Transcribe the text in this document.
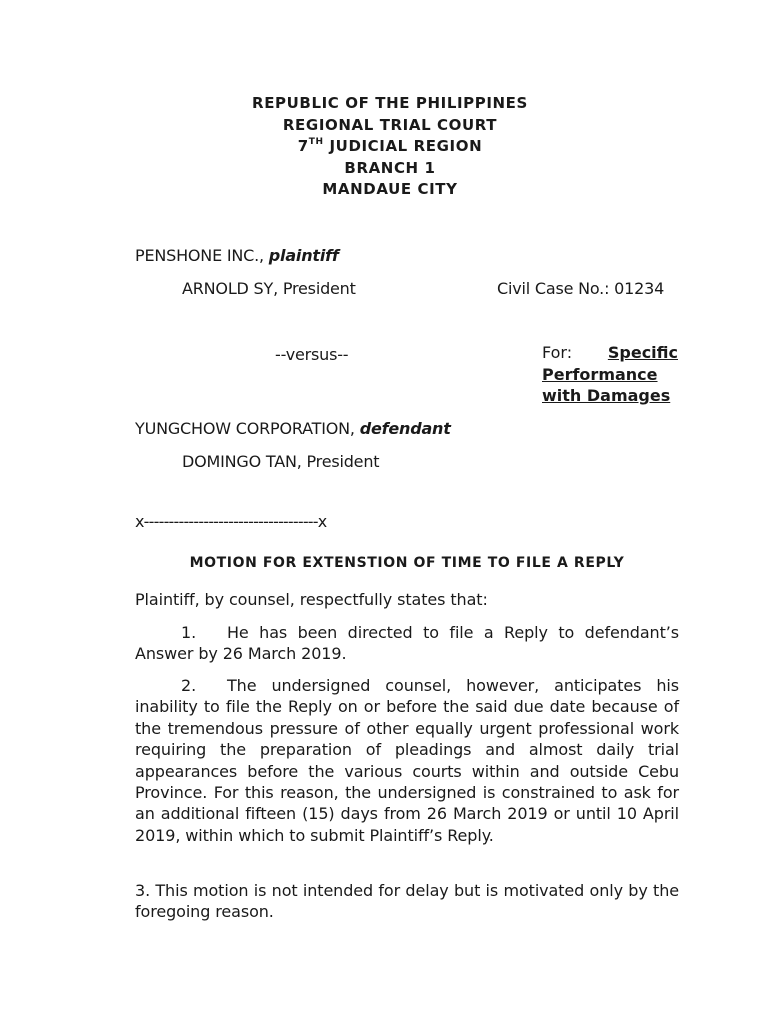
REPUBLIC OF THE PHILIPPINES
REGIONAL TRIAL COURT
7TH JUDICIAL REGION
BRANCH 1
MANDAUE CITY
PENSHONE INC., plaintiff
ARNOLD SY, President	Civil Case No.: 01234
--versus--	For: Specific
Performance
with Damages
YUNGCHOW CORPORATION, defendant
DOMINGO TAN, President
x-----------------------------------x
MOTION FOR EXTENSTION OF TIME TO FILE A REPLY
Plaintiff, by counsel, respectfully states that:
1. He has been directed to file a Reply to defendant’s Answer by 26 March 2019.
2. The undersigned counsel, however, anticipates his inability to file the Reply on or before the said due date because of the tremendous pressure of other equally urgent professional work requiring the preparation of pleadings and almost daily trial appearances before the various courts within and outside Cebu Province. For this reason, the undersigned is constrained to ask for an additional fifteen (15) days from 26 March 2019 or until 10 April 2019, within which to submit Plaintiff’s Reply.
3. This motion is not intended for delay but is motivated only by the foregoing reason.
